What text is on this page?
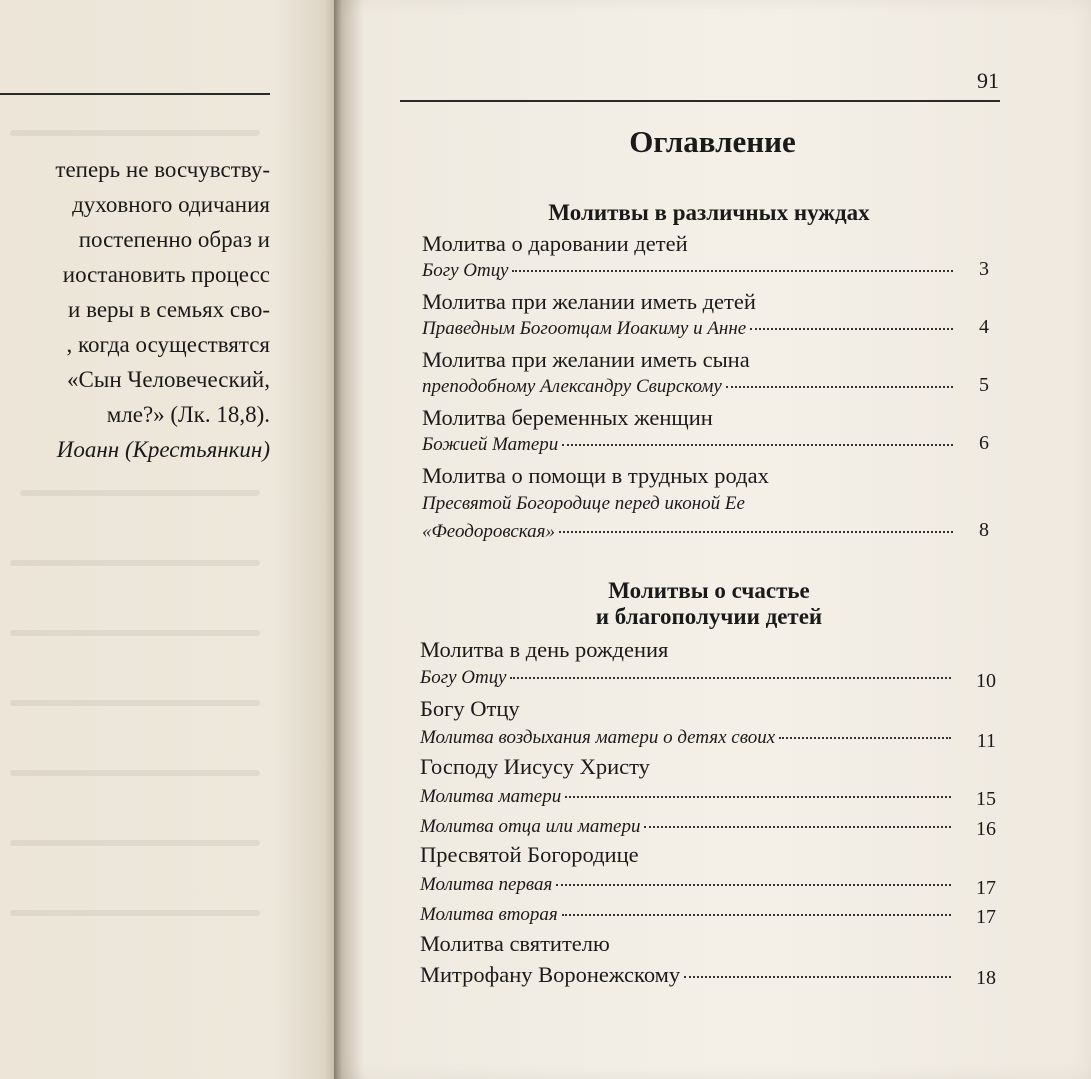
теперь не восчувству-
духовного одичания
постепенно образ и
иостановить процесс
и веры в семьях сво-
, когда осуществятся
«Сын Человеческий,
мле?» (Лк. 18,8).
Иоанн (Крестьянкин)
91
Оглавление
Молитвы в различных нуждах
Молитва о даровании детей
Богу Отцу	3
Молитва при желании иметь детей
Праведным Богоотцам Иоакиму и Анне	4
Молитва при желании иметь сына
преподобному Александру Свирскому	5
Молитва беременных женщин
Божией Матери	6
Молитва о помощи в трудных родах
Пресвятой Богородице перед иконой Ее
«Феодоровская»	8
Молитвы о счастье
и благополучии детей
Молитва в день рождения
Богу Отцу	10
Богу Отцу
Молитва воздыхания матери о детях своих	11
Господу Иисусу Христу
Молитва матери	15
Молитва отца или матери	16
Пресвятой Богородице
Молитва первая	17
Молитва вторая	17
Молитва святителю
Митрофану Воронежскому	18
